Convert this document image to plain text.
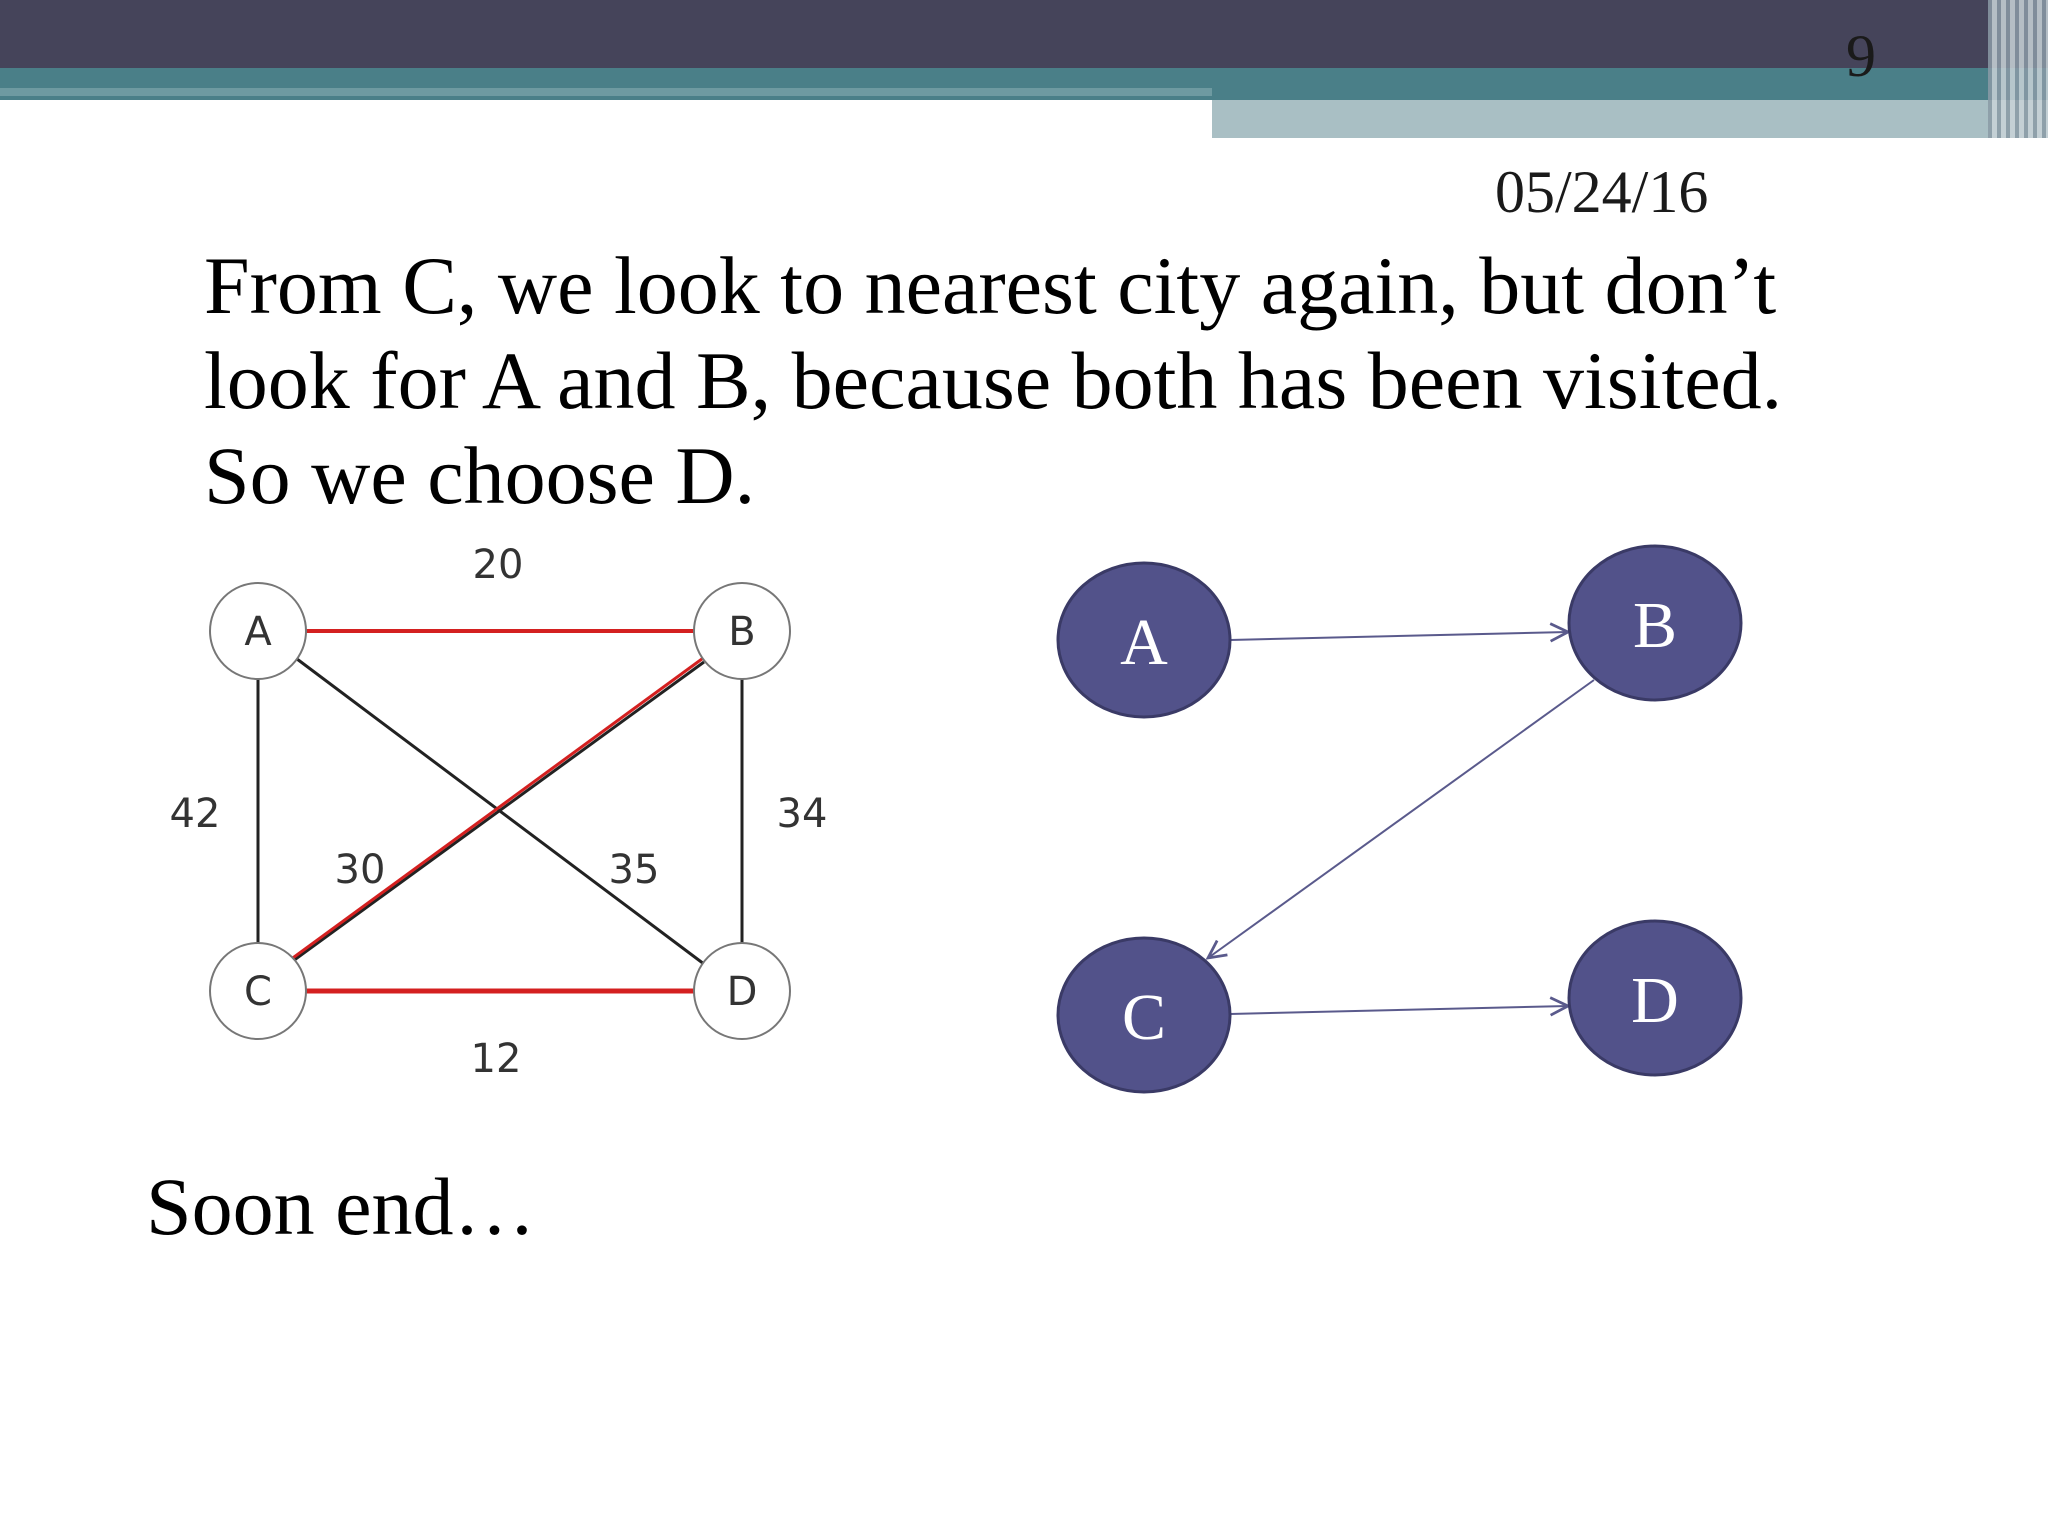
9
05/24/16
From C, we look to nearest city again, but don’t
look for A and B, because both has been visited.
So we choose D.
A	B
C	D
20
42	34
30	35
12
A	B
C	D
Soon end…
